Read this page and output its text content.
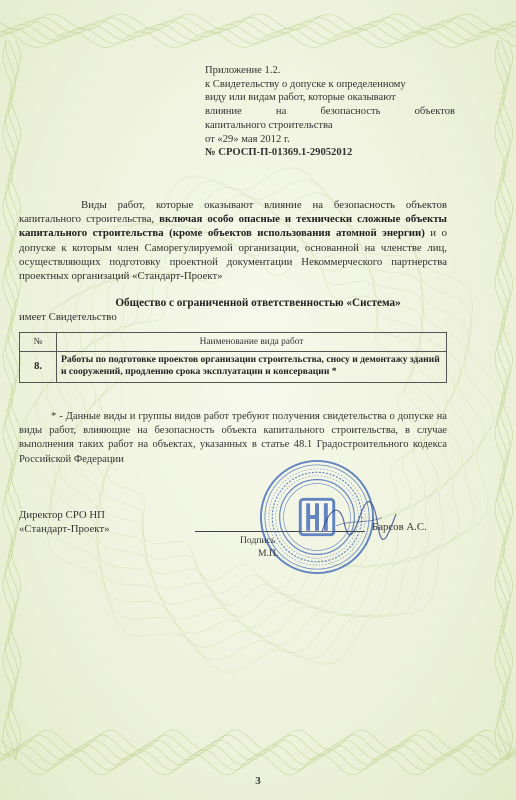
Приложение 1.2.
к Свидетельству о допуске к определенному
виду или видам работ, которые оказывают
влияние на безопасность объектов
капитального строительства
от «29» мая 2012 г.
№ СРОСП-П-01369.1-29052012
Виды работ, которые оказывают влияние на безопасность объектов капитального строительства, включая особо опасные и технически сложные объекты капитального строительства (кроме объектов использования атомной энергии) и о допуске к которым член Саморегулируемой организации, основанной на членстве лиц, осуществляющих подготовку проектной документации Некоммерческого партнерства проектных организаций «Стандарт-Проект»
Общество с ограниченной ответственностью «Система»
имеет Свидетельство
№	Наименование вида работ
8.	Работы по подготовке проектов организации строительства, сносу и демонтажу зданий и сооружений, продлению срока эксплуатации и консервации *
* - Данные виды и группы видов работ требуют получения свидетельства о допуске на виды работ, влияющие на безопасность объекта капитального строительства, в случае выполнения таких работ на объектах, указанных в статье 48.1 Градостроительного кодекса Российской Федерации
Директор СРО НП
«Стандарт-Проект»
Подпись
М.П.
Барсов А.С.
3
